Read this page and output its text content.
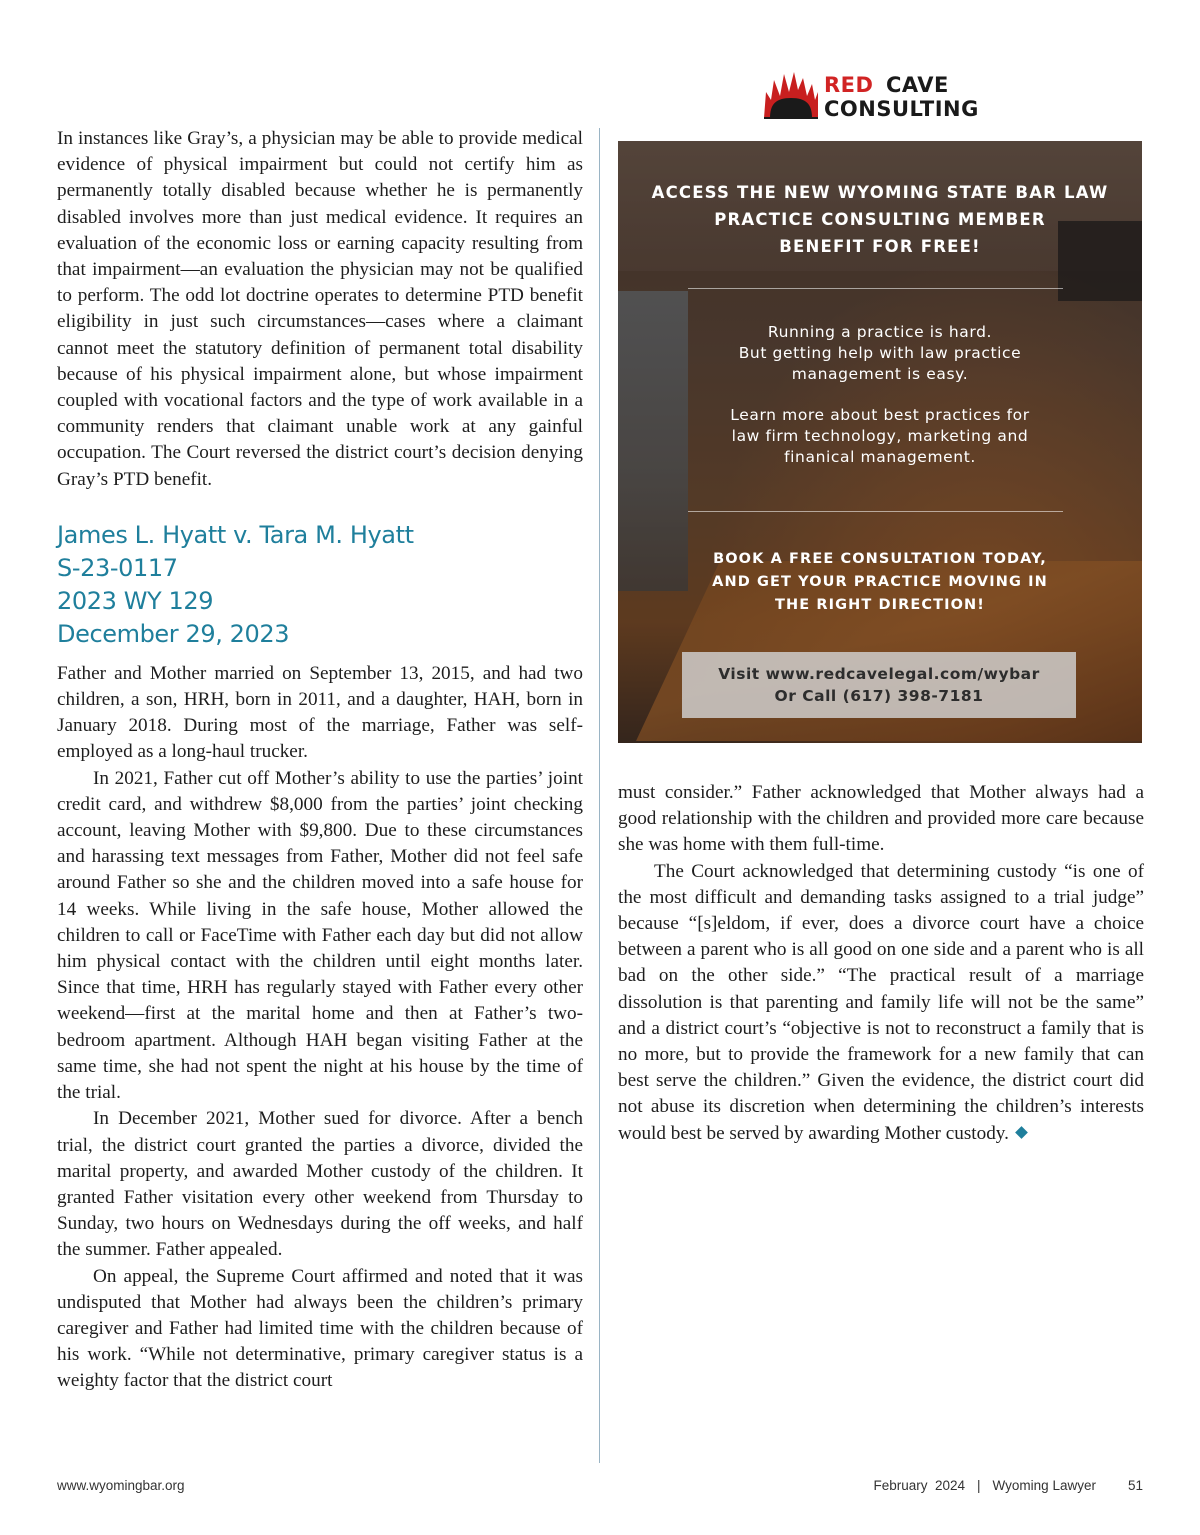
RED CAVE
CONSULTING

In instances like Gray’s, a physician may be able to provide medical evidence of physical impairment but could not certify him as permanently totally disabled because whether he is permanently disabled involves more than just medical evidence. It requires an evaluation of the economic loss or earning capacity resulting from that impairment—an evaluation the physician may not be qualified to perform. The odd lot doctrine operates to determine PTD benefit eligibility in just such circumstances—cases where a claimant cannot meet the statutory definition of permanent total disability because of his physical impairment alone, but whose impairment coupled with vocational factors and the type of work available in a community renders that claimant unable work at any gainful occupation. The Court reversed the district court’s decision denying Gray’s PTD benefit.

James L. Hyatt v. Tara M. Hyatt
S-23-0117
2023 WY 129
December 29, 2023

Father and Mother married on September 13, 2015, and had two children, a son, HRH, born in 2011, and a daughter, HAH, born in January 2018. During most of the marriage, Father was self-employed as a long-haul trucker.

In 2021, Father cut off Mother’s ability to use the parties’ joint credit card, and withdrew $8,000 from the parties’ joint checking account, leaving Mother with $9,800. Due to these circumstances and harassing text messages from Father, Mother did not feel safe around Father so she and the children moved into a safe house for 14 weeks. While living in the safe house, Mother allowed the children to call or FaceTime with Father each day but did not allow him physical contact with the children until eight months later. Since that time, HRH has regularly stayed with Father every other weekend—first at the marital home and then at Father’s two-bedroom apartment. Although HAH began visiting Father at the same time, she had not spent the night at his house by the time of the trial.

In December 2021, Mother sued for divorce. After a bench trial, the district court granted the parties a divorce, divided the marital property, and awarded Mother custody of the children. It granted Father visitation every other weekend from Thursday to Sunday, two hours on Wednesdays during the off weeks, and half the summer. Father appealed.

On appeal, the Supreme Court affirmed and noted that it was undisputed that Mother had always been the children’s primary caregiver and Father had limited time with the children because of his work. “While not determinative, primary caregiver status is a weighty factor that the district court

ACCESS THE NEW WYOMING STATE BAR LAW
PRACTICE CONSULTING MEMBER
BENEFIT FOR FREE!
Running a practice is hard.
But getting help with law practice
management is easy.
Learn more about best practices for
law firm technology, marketing and
finanical management.
BOOK A FREE CONSULTATION TODAY,
AND GET YOUR PRACTICE MOVING IN
THE RIGHT DIRECTION!
Visit www.redcavelegal.com/wybar
Or Call (617) 398-7181

must consider.” Father acknowledged that Mother always had a good relationship with the children and provided more care because she was home with them full-time.

The Court acknowledged that determining custody “is one of the most difficult and demanding tasks assigned to a trial judge” because “[s]eldom, if ever, does a divorce court have a choice between a parent who is all good on one side and a parent who is all bad on the other side.” “The practical result of a marriage dissolution is that parenting and family life will not be the same” and a district court’s “objective is not to reconstruct a family that is no more, but to provide the framework for a new family that can best serve the children.” Given the evidence, the district court did not abuse its discretion when determining the children’s interests would best be served by awarding Mother custody.

www.wyomingbar.org	February  2024 | Wyoming Lawyer 51
